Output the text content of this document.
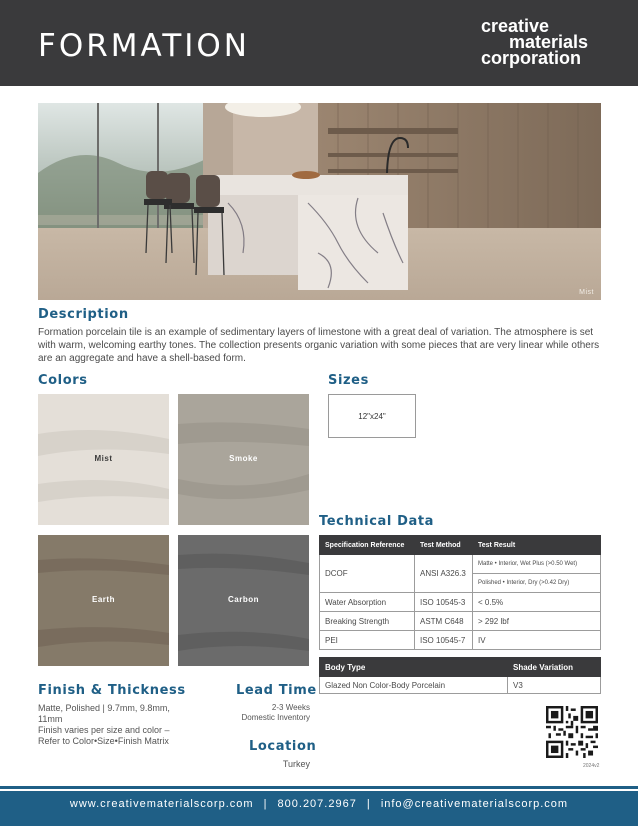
FORMATION
creative
materials
corporation
Mist
Description

Formation porcelain tile is an example of sedimentary layers of limestone with a great deal of variation. The atmosphere is set with warm, welcoming earthy tones. The collection presents organic variation with some pieces that are very linear while others are an aggregate and have a shell-based form.

Colors
Mist	Smoke
Earth	Carbon
Sizes
12"x24"
Technical Data
Specification Reference	Test Method	Test Result
DCOF	ANSI A326.3	Matte • Interior, Wet Plus (>0.50 Wet)
		Polished • Interior, Dry (>0.42 Dry)
Water Absorption	ISO 10545-3	< 0.5%
Breaking Strength	ASTM C648	> 292 lbf
PEI	ISO 10545-7	IV
Body Type	Shade Variation
Glazed Non Color-Body Porcelain	V3
Finish & Thickness
Matte, Polished | 9.7mm, 9.8mm,
11mm
Finish varies per size and color –
Refer to Color•Size•Finish Matrix
Lead Time
2-3 Weeks
Domestic Inventory
Location
Turkey	2024v2
www.creativematerialscorp.com | 800.207.2967 | info@creativematerialscorp.com
